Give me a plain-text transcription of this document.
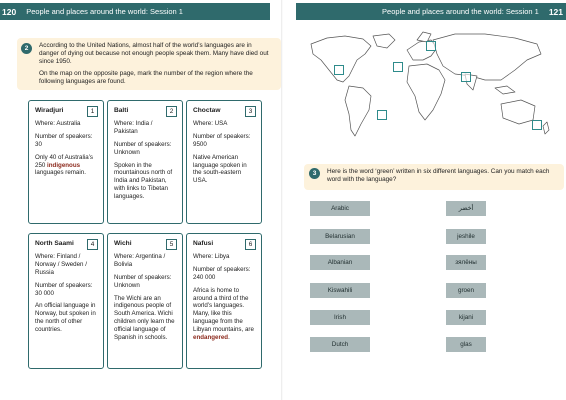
120 People and places around the world: Session 1
2	According to the United Nations, almost half of the world’s languages are in danger of dying out because not enough people speak them. Many have died out since 1950.

On the map on the opposite page, mark the number of the region where the following languages are found.

Wiradjuri	1

Where: Australia

Number of speakers: 30

Only 40 of Australia’s 250 indigenous languages remain.

Balti	2

Where: India / Pakistan

Number of speakers: Unknown

Spoken in the mountainous north of India and Pakistan, with links to Tibetan languages.

Choctaw	3

Where: USA

Number of speakers: 9500

Native American language spoken in the south-eastern USA.

North Saami	4

Where: Finland / Norway / Sweden / Russia

Number of speakers: 30 000

An official language in Norway, but spoken in the north of other countries.

Wichi	5

Where: Argentina / Bolivia

Number of speakers: Unknown

The Wichi are an indigenous people of South America. Wichi children only learn the official language of Spanish in schools.

Nafusi	6

Where: Libya

Number of speakers: 240 000

Africa is home to around a third of the world’s languages. Many, like this language from the Libyan mountains, are endangered.

People and places around the world: Session 1 121
3	Here is the word ‘green’ written in six different languages. Can you match each word with the language?
Arabic
Belarusian
Albanian
Kiswahili
Irish
Dutch
أخضر
jeshile
зялёны
groen
kijani
glas
